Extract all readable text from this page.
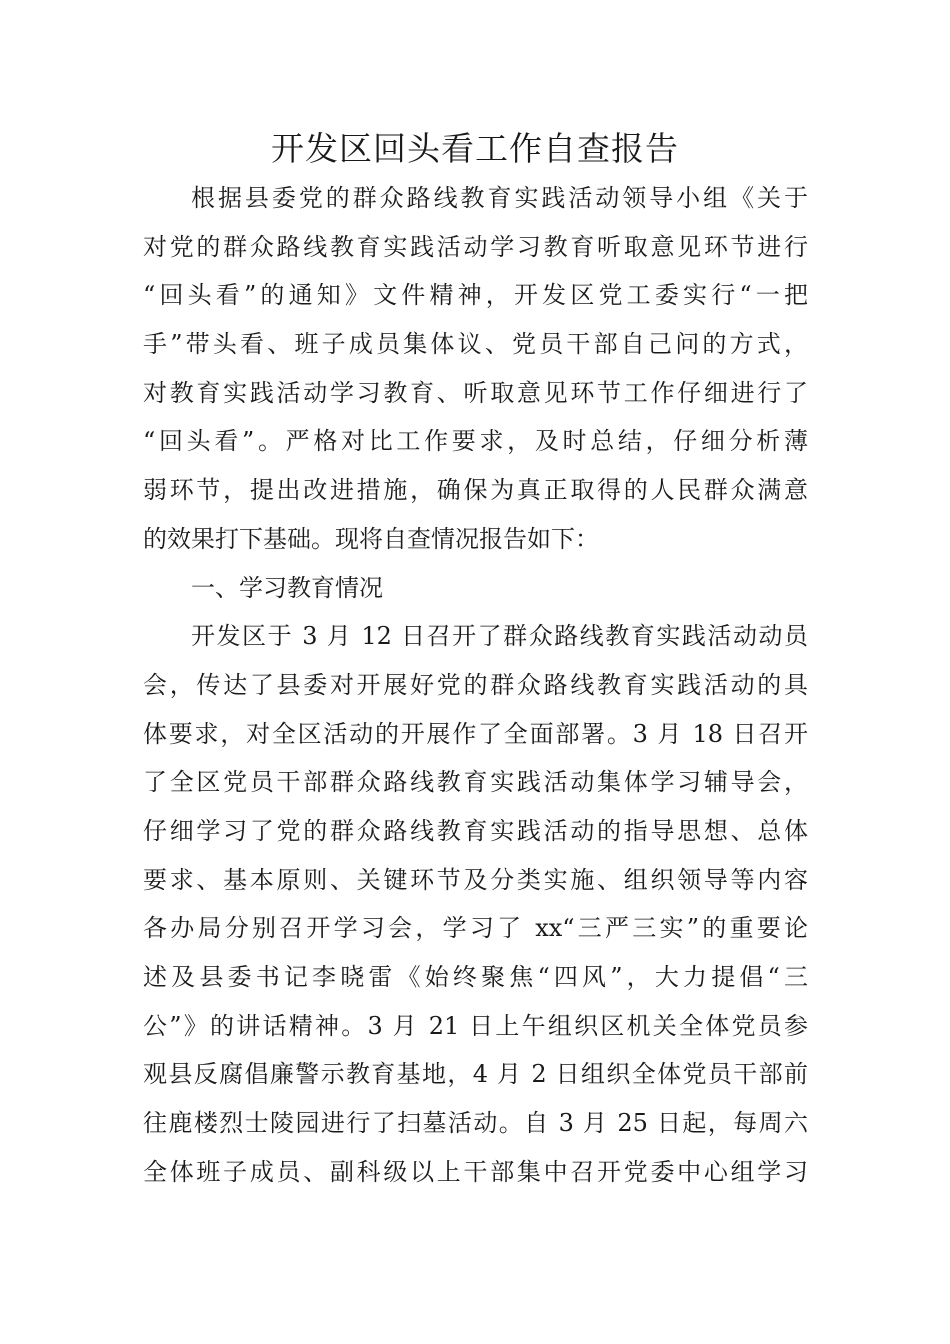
开发区回头看工作自查报告
根据县委党的群众路线教育实践活动领导小组《关于
对党的群众路线教育实践活动学习教育听取意见环节进行
“回头看”的通知》文件精神，开发区党工委实行“一把
手”带头看、班子成员集体议、党员干部自己问的方式，
对教育实践活动学习教育、听取意见环节工作仔细进行了
“回头看”。严格对比工作要求，及时总结，仔细分析薄
弱环节，提出改进措施，确保为真正取得的人民群众满意
的效果打下基础。现将自查情况报告如下：
一、学习教育情况
开发区于 3 月 12 日召开了群众路线教育实践活动动员
会，传达了县委对开展好党的群众路线教育实践活动的具
体要求，对全区活动的开展作了全面部署。3 月 18 日召开
了全区党员干部群众路线教育实践活动集体学习辅导会，
仔细学习了党的群众路线教育实践活动的指导思想、总体
要求、基本原则、关键环节及分类实施、组织领导等内容
各办局分别召开学习会，学习了 xx“三严三实”的重要论
述及县委书记李晓雷《始终聚焦“四风”，大力提倡“三
公”》的讲话精神。3 月 21 日上午组织区机关全体党员参
观县反腐倡廉警示教育基地，4 月 2 日组织全体党员干部前
往鹿楼烈士陵园进行了扫墓活动。自 3 月 25 日起，每周六
全体班子成员、副科级以上干部集中召开党委中心组学习
